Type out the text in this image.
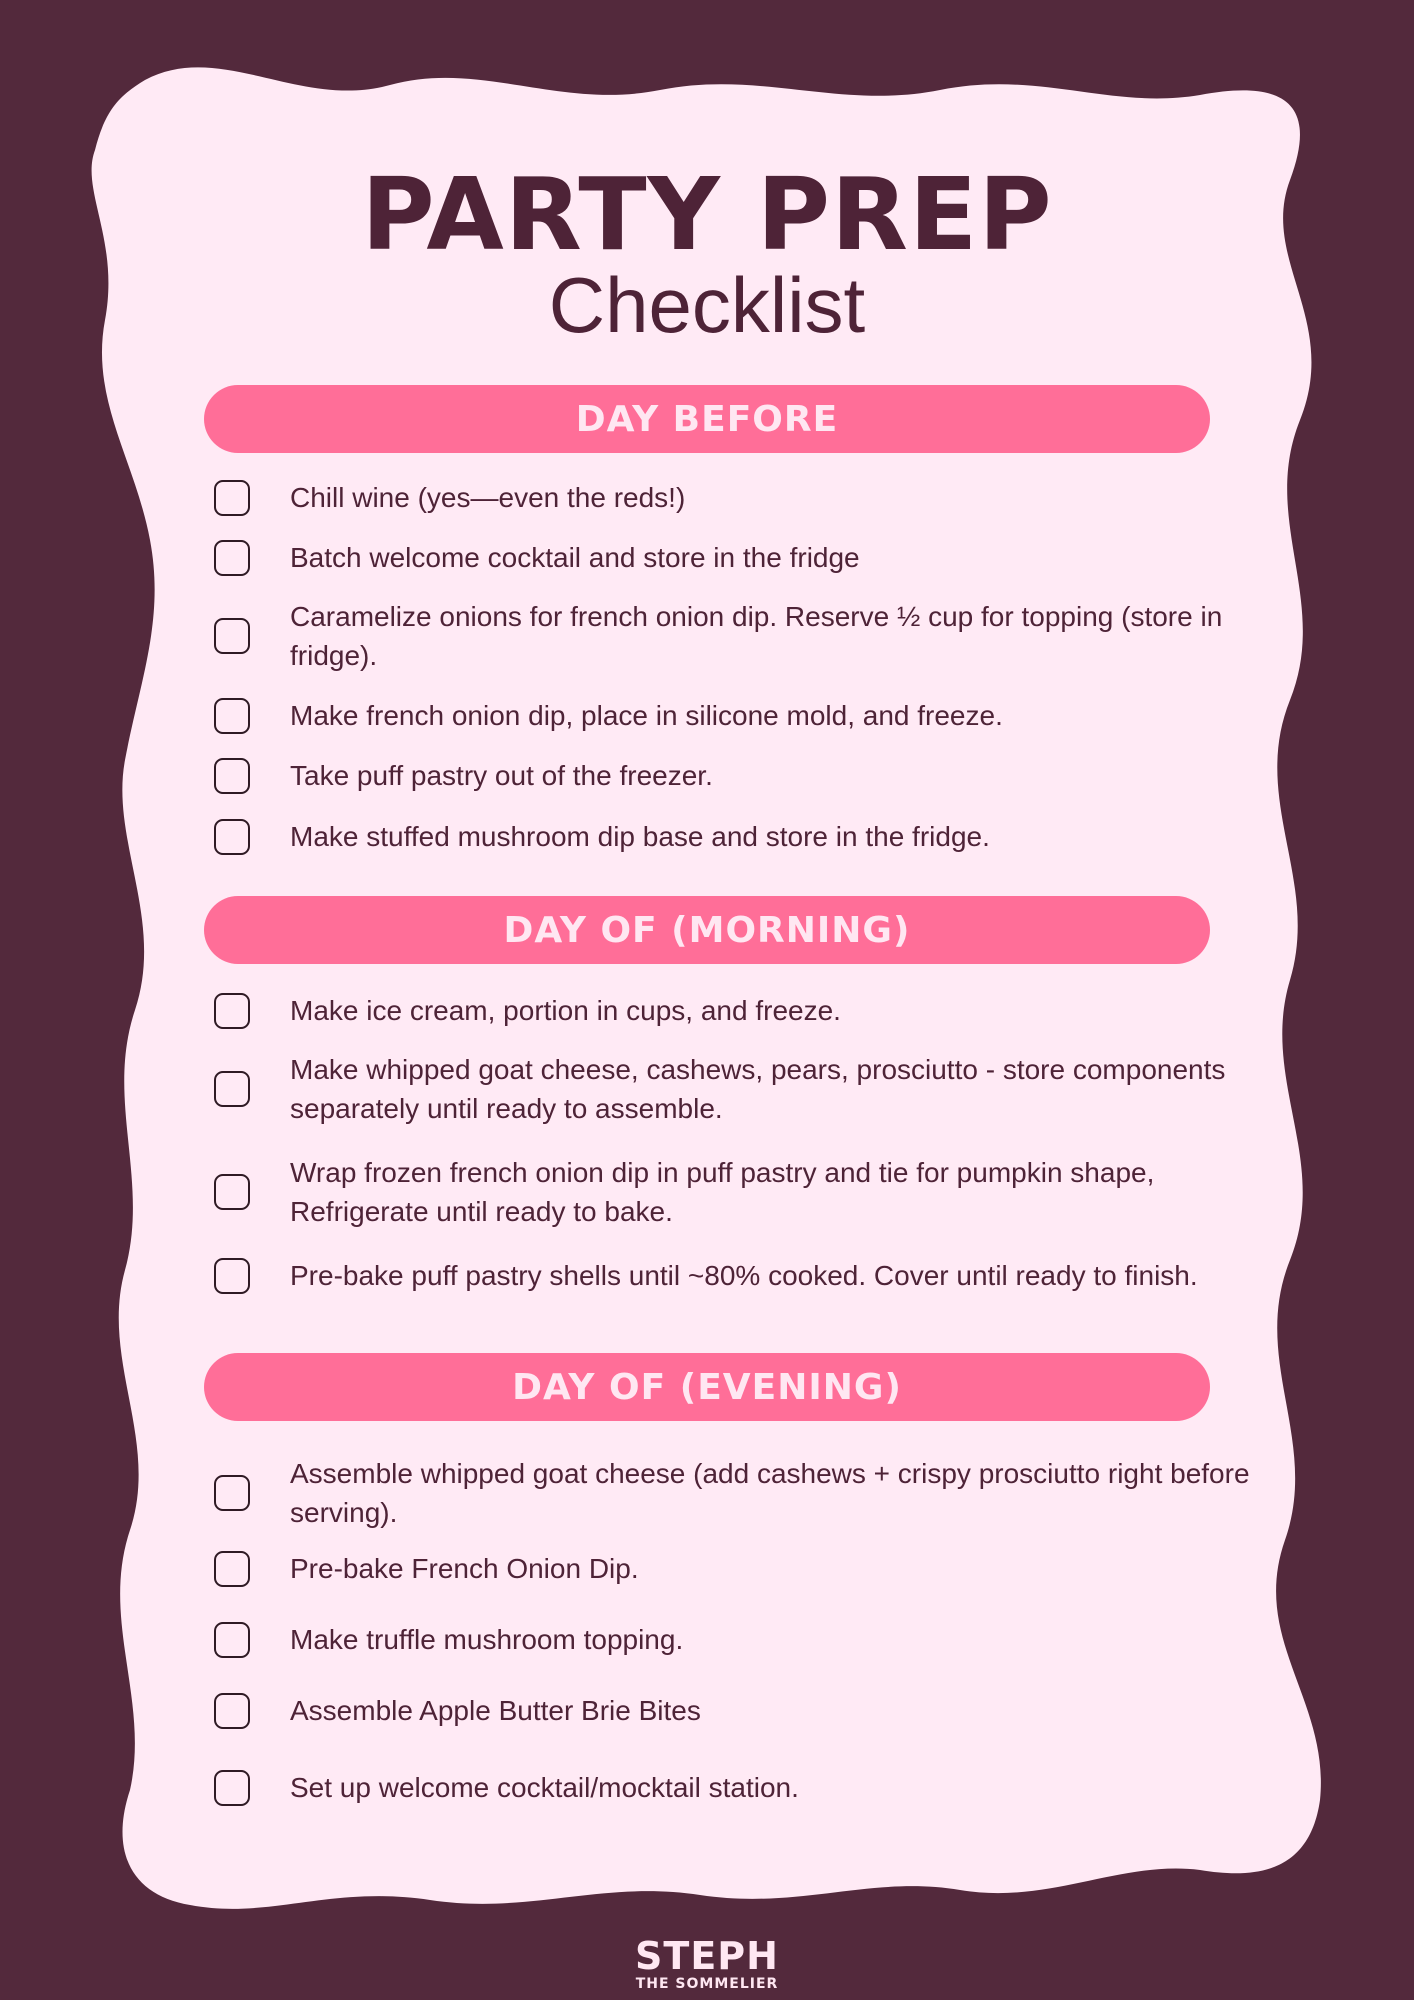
PARTY PREP
Checklist
DAY BEFORE
Chill wine (yes—even the reds!)
Batch welcome cocktail and store in the fridge
Caramelize onions for french onion dip. Reserve ½ cup for topping (store in fridge).
Make french onion dip, place in silicone mold, and freeze.
Take puff pastry out of the freezer.
Make stuffed mushroom dip base and store in the fridge.
DAY OF (MORNING)
Make ice cream, portion in cups, and freeze.
Make whipped goat cheese, cashews, pears, prosciutto - store components separately until ready to assemble.
Wrap frozen french onion dip in puff pastry and tie for pumpkin shape, Refrigerate until ready to bake.
Pre-bake puff pastry shells until ~80% cooked. Cover until ready to finish.
DAY OF (EVENING)
Assemble whipped goat cheese (add cashews + crispy prosciutto right before serving).
Pre-bake French Onion Dip.
Make truffle mushroom topping.
Assemble Apple Butter Brie Bites
Set up welcome cocktail/mocktail station.
STEPH
THE SOMMELIER
